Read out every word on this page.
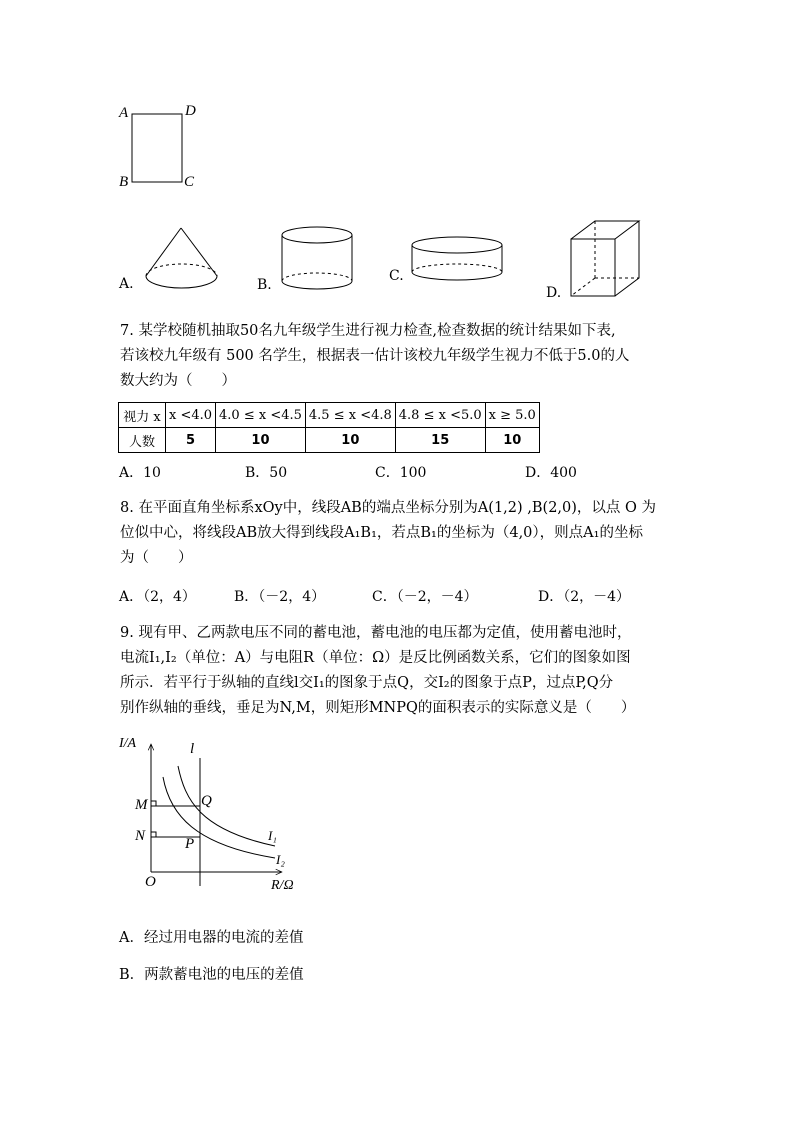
A	D
B	C
A.	B.
C.
D.
7. 某学校随机抽取50名九年级学生进行视力检查,检查数据的统计结果如下表,
若该校九年级有 500 名学生，根据表一估计该校九年级学生视力不低于5.0的人
数大约为（　　）
视力 x	x <4.0	4.0 ≤ x <4.5	4.5 ≤ x <4.8	4.8 ≤ x <5.0	x ≥ 5.0
人数	5	10	10	15	10
A．10	B．50	C．100	D．400
8. 在平面直角坐标系xOy中，线段AB的端点坐标分别为A(1,2) ,B(2,0)，以点 O 为
位似中心，将线段AB放大得到线段A₁B₁，若点B₁的坐标为（4,0），则点A₁的坐标
为（　　）
A．（2，4）	B．（－2，4）	C．（－2，－4）	D．（2，－4）
9. 现有甲、乙两款电压不同的蓄电池，蓄电池的电压都为定值，使用蓄电池时，
电流I₁,I₂（单位：A）与电阻R（单位：Ω）是反比例函数关系，它们的图象如图
所示．若平行于纵轴的直线l交I₁的图象于点Q，交I₂的图象于点P，过点P,Q分
别作纵轴的垂线，垂足为N,M，则矩形MNPQ的面积表示的实际意义是（　　）
I/A
R/Ω
O
l
M
N
Q
P
I₁
I₂
A．经过用电器的电流的差值
B．两款蓄电池的电压的差值
